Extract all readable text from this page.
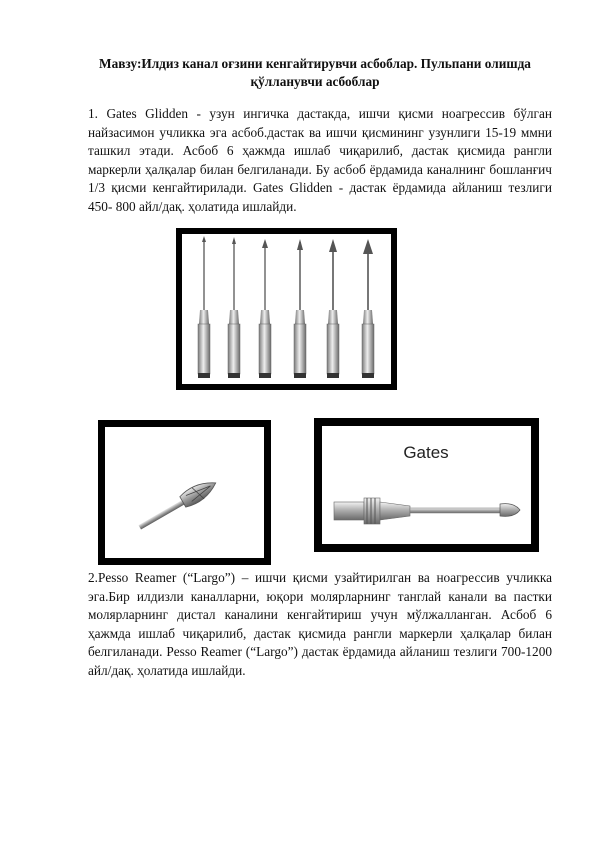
Мавзу:Илдиз канал оғзини кенгайтирувчи асбоблар. Пульпани олишда қўлланувчи асбоблар
1. Gates Glidden - узун ингичка дастакда, ишчи қисми ноагрессив бўлган найзасимон учликка эга асбоб.дастак ва ишчи қисмининг узунлиги 15-19 ммни ташкил этади. Асбоб 6 ҳажмда ишлаб чиқарилиб, дастак қисмида рангли маркерли ҳалқалар билан белгиланади. Бу асбоб ёрдамида каналнинг бошланғич 1/3 қисми кенгайтирилади. Gates Glidden - дастак ёрдамида айланиш тезлиги 450- 800 айл/дақ. ҳолатида ишлайди.
Gates
2.Pesso Reamer (“Largo”) – ишчи қисми узайтирилган ва ноагрессив учликка эга.Бир илдизли каналларни, юқори молярларнинг танглай канали ва пастки молярларнинг дистал каналини кенгайтириш учун мўлжалланган. Асбоб 6 ҳажмда ишлаб чиқарилиб, дастак қисмида рангли маркерли ҳалқалар билан белгиланади. Pesso Reamer (“Largo”) дастак ёрдамида айланиш тезлиги 700-1200 айл/дақ. ҳолатида ишлайди.
